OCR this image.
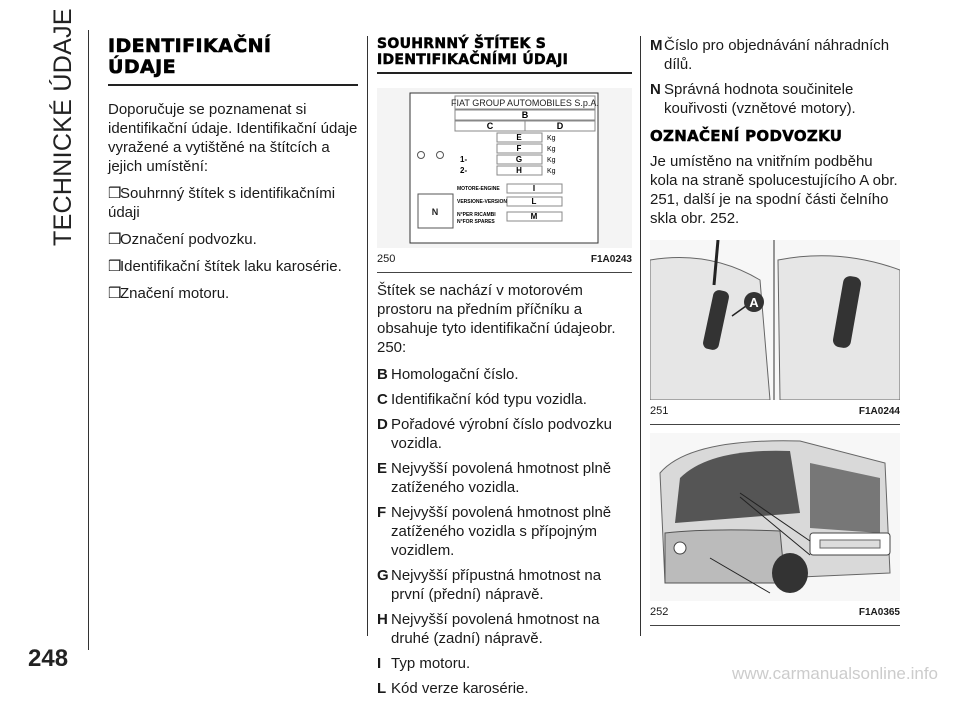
TECHNICKÉ ÚDAJE IDENTIFIKAČNÍ
ÚDAJE

Doporučuje se poznamenat si identifikační údaje. Identifikační údaje vyražené a vytištěné na štítcích a jejich umístění:

❒Souhrnný štítek s identifikačními údaji
❒Označení podvozku.
❒Identifikační štítek laku karosérie.
❒Značení motoru.
SOUHRNNÝ ŠTÍTEK S
IDENTIFIKAČNÍMI ÚDAJI
N
FIAT GROUP AUTOMOBILES S.p.A.
B
C	D
E	Kg
F	Kg
1-	G	Kg
2-	H	Kg
MOTORE-ENGINE	I
VERSIONE-VERSION	L
N°PER RICAMBI
N°FOR SPARES
M
250	F1A0243

Štítek se nachází v motorovém prostoru na předním příčníku a obsahuje tyto identifikační údajeobr. 250:

B Homologační číslo.
C Identifikační kód typu vozidla.
D Pořadové výrobní číslo podvozku vozidla.
E Nejvyšší povolená hmotnost plně zatíženého vozidla.
F Nejvyšší povolená hmotnost plně zatíženého vozidla s přípojným vozidlem.
G Nejvyšší přípustná hmotnost na první (přední) nápravě.
H Nejvyšší povolená hmotnost na druhé (zadní) nápravě.
I Typ motoru.
L Kód verze karosérie.
M Číslo pro objednávání náhradních dílů.
N Správná hodnota součinitele kouřivosti (vznětové motory).
OZNAČENÍ PODVOZKU

Je umístěno na vnitřním podběhu kola na straně spolucestujícího A obr. 251, další je na spodní části čelního skla obr. 252.

A
251	F1A0244
252	F1A0365
248
www.carmanualsonline.info
